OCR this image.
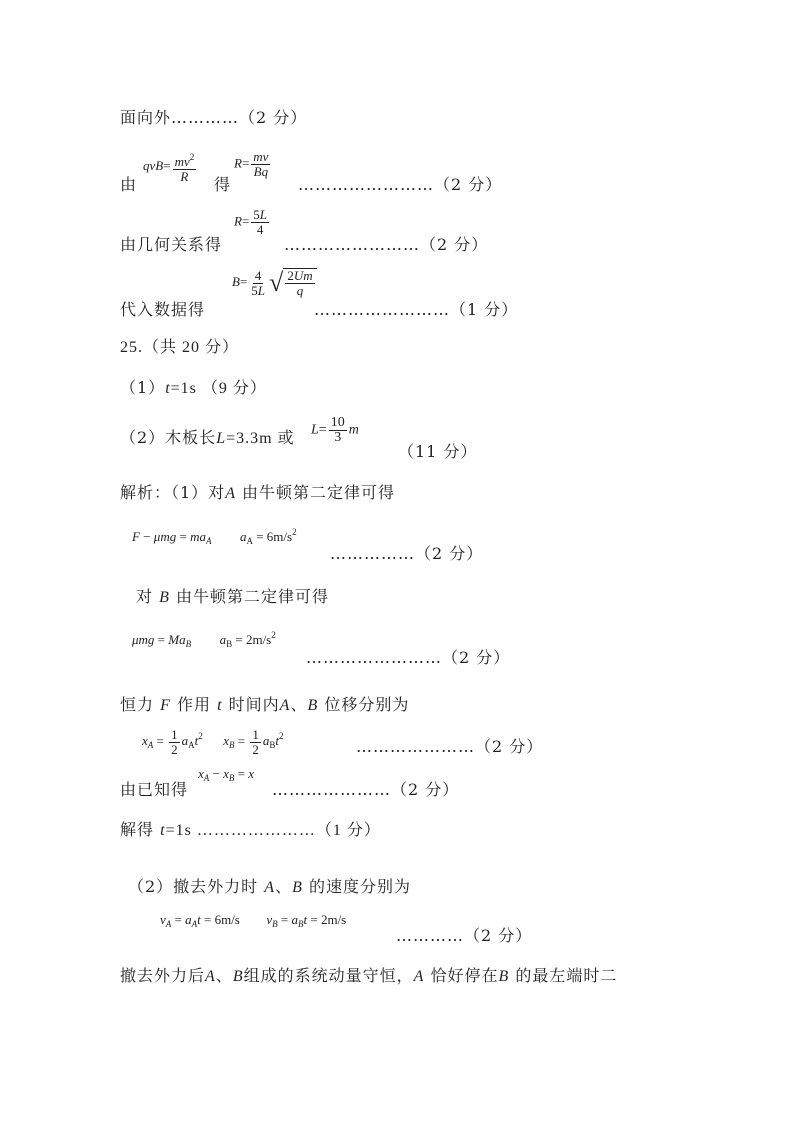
面向外…………（2 分）
由
$qvB= \frac{mv^2}{R}$
得
$R= \frac{mv}{Bq}$
……………………（2 分）
$R= \frac{5L}{4}$
由几何关系得	……………………（2 分）
$B= \frac{4}{5L}$ √ $\frac{2Um}{q}$
代入数据得	……………………（1 分）
25.（共 20 分）
（1）t=1s （9 分）
（2）木板长L=3.3m 或 $L= \frac{10}{3}$ m
（11 分）
解析：（1）对A 由牛顿第二定律可得
$F - \mu mg = ma_A$ $a_A = 6m/s^2$
……………（2 分）
对 B 由牛顿第二定律可得
$\mu mg = Ma_B$ $a_B = 2m/s^2$
……………………（2 分）
恒力 F 作用 t 时间内A、B 位移分别为
$x_A = \frac{1}{2} a_At^2$ $x_B = \frac{1}{2} a_Bt^2$
…………………（2 分）
$x_A - x_B = x$
由已知得	…………………（2 分）
解得 t=1s …………………（1 分）
（2）撤去外力时 A、B 的速度分别为
$v_A = a_At = 6m/s$ $v_B = a_Bt = 2m/s$
…………（2 分）
撤去外力后A、B组成的系统动量守恒，A 恰好停在B 的最左端时二
